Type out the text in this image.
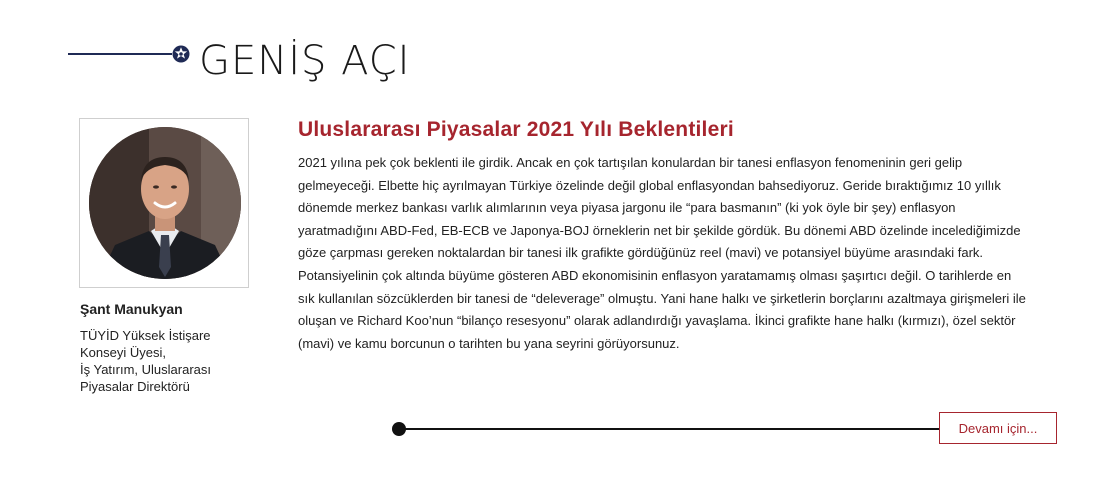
GENİŞ AÇI
Şant Manukyan
TÜYİD Yüksek İstişare
Konseyi Üyesi,
İş Yatırım, Uluslararası
Piyasalar Direktörü
Uluslararası Piyasalar 2021 Yılı Beklentileri

2021 yılına pek çok beklenti ile girdik. Ancak en çok tartışılan konulardan bir tanesi enflasyon fenomeninin geri gelip gelmeyeceği. Elbette hiç ayrılmayan Türkiye özelinde değil global enflasyondan bahsediyoruz. Geride bıraktığımız 10 yıllık dönemde merkez bankası varlık alımlarının veya piyasa jargonu ile “para basmanın” (ki yok öyle bir şey) enflasyon yaratmadığını ABD-Fed, EB-ECB ve Japonya-BOJ örneklerin net bir şekilde gördük. Bu dönemi ABD özelinde incelediğimizde göze çarpması gereken noktalardan bir tanesi ilk grafikte gördüğünüz reel (mavi) ve potansiyel büyüme arasındaki fark.

Potansiyelinin çok altında büyüme gösteren ABD ekonomisinin enflasyon yaratamamış olması şaşırtıcı değil. O tarihlerde en sık kullanılan sözcüklerden bir tanesi de “deleverage” olmuştu. Yani hane halkı ve şirketlerin borçlarını azaltmaya girişmeleri ile oluşan ve Richard Koo’nun “bilanço resesyonu” olarak adlandırdığı yavaşlama. İkinci grafikte hane halkı (kırmızı), özel sektör (mavi) ve kamu borcunun o tarihten bu yana seyrini görüyorsunuz.

Devamı için...
